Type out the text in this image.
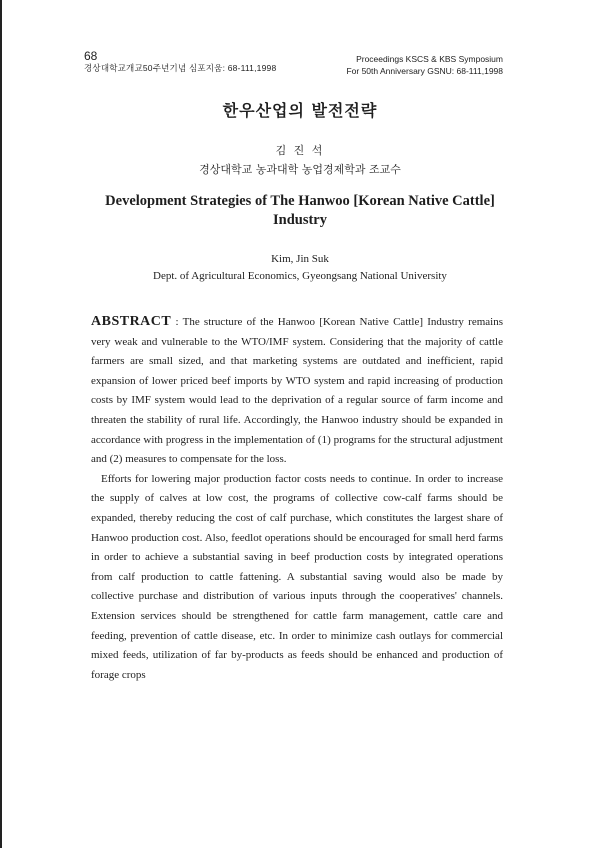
68
경상대학교개교50주년기념 심포지움: 68-111,1998
Proceedings KSCS & KBS Symposium
For 50th Anniversary GSNU: 68-111,1998
한우산업의 발전전략
김 진 석
경상대학교 농과대학 농업경제학과 조교수
Development Strategies of The Hanwoo [Korean Native Cattle] Industry
Kim, Jin Suk
Dept. of Agricultural Economics, Gyeongsang National University

ABSTRACT : The structure of the Hanwoo [Korean Native Cattle] Industry remains very weak and vulnerable to the WTO/IMF system. Considering that the majority of cattle farmers are small sized, and that marketing systems are outdated and inefficient, rapid expansion of lower priced beef imports by WTO system and rapid increasing of production costs by IMF system would lead to the deprivation of a regular source of farm income and threaten the stability of rural life. Accordingly, the Hanwoo industry should be expanded in accordance with progress in the implementation of (1) programs for the structural adjustment and (2) measures to compensate for the loss.

Efforts for lowering major production factor costs needs to continue. In order to increase the supply of calves at low cost, the programs of collective cow-calf farms should be expanded, thereby reducing the cost of calf purchase, which constitutes the largest share of Hanwoo production cost. Also, feedlot operations should be encouraged for small herd farms in order to achieve a substantial saving in beef production costs by integrated operations from calf production to cattle fattening. A substantial saving would also be made by collective purchase and distribution of various inputs through the cooperatives' channels. Extension services should be strengthened for cattle farm management, cattle care and feeding, prevention of cattle disease, etc. In order to minimize cash outlays for commercial mixed feeds, utilization of far by-products as feeds should be enhanced and production of forage crops
